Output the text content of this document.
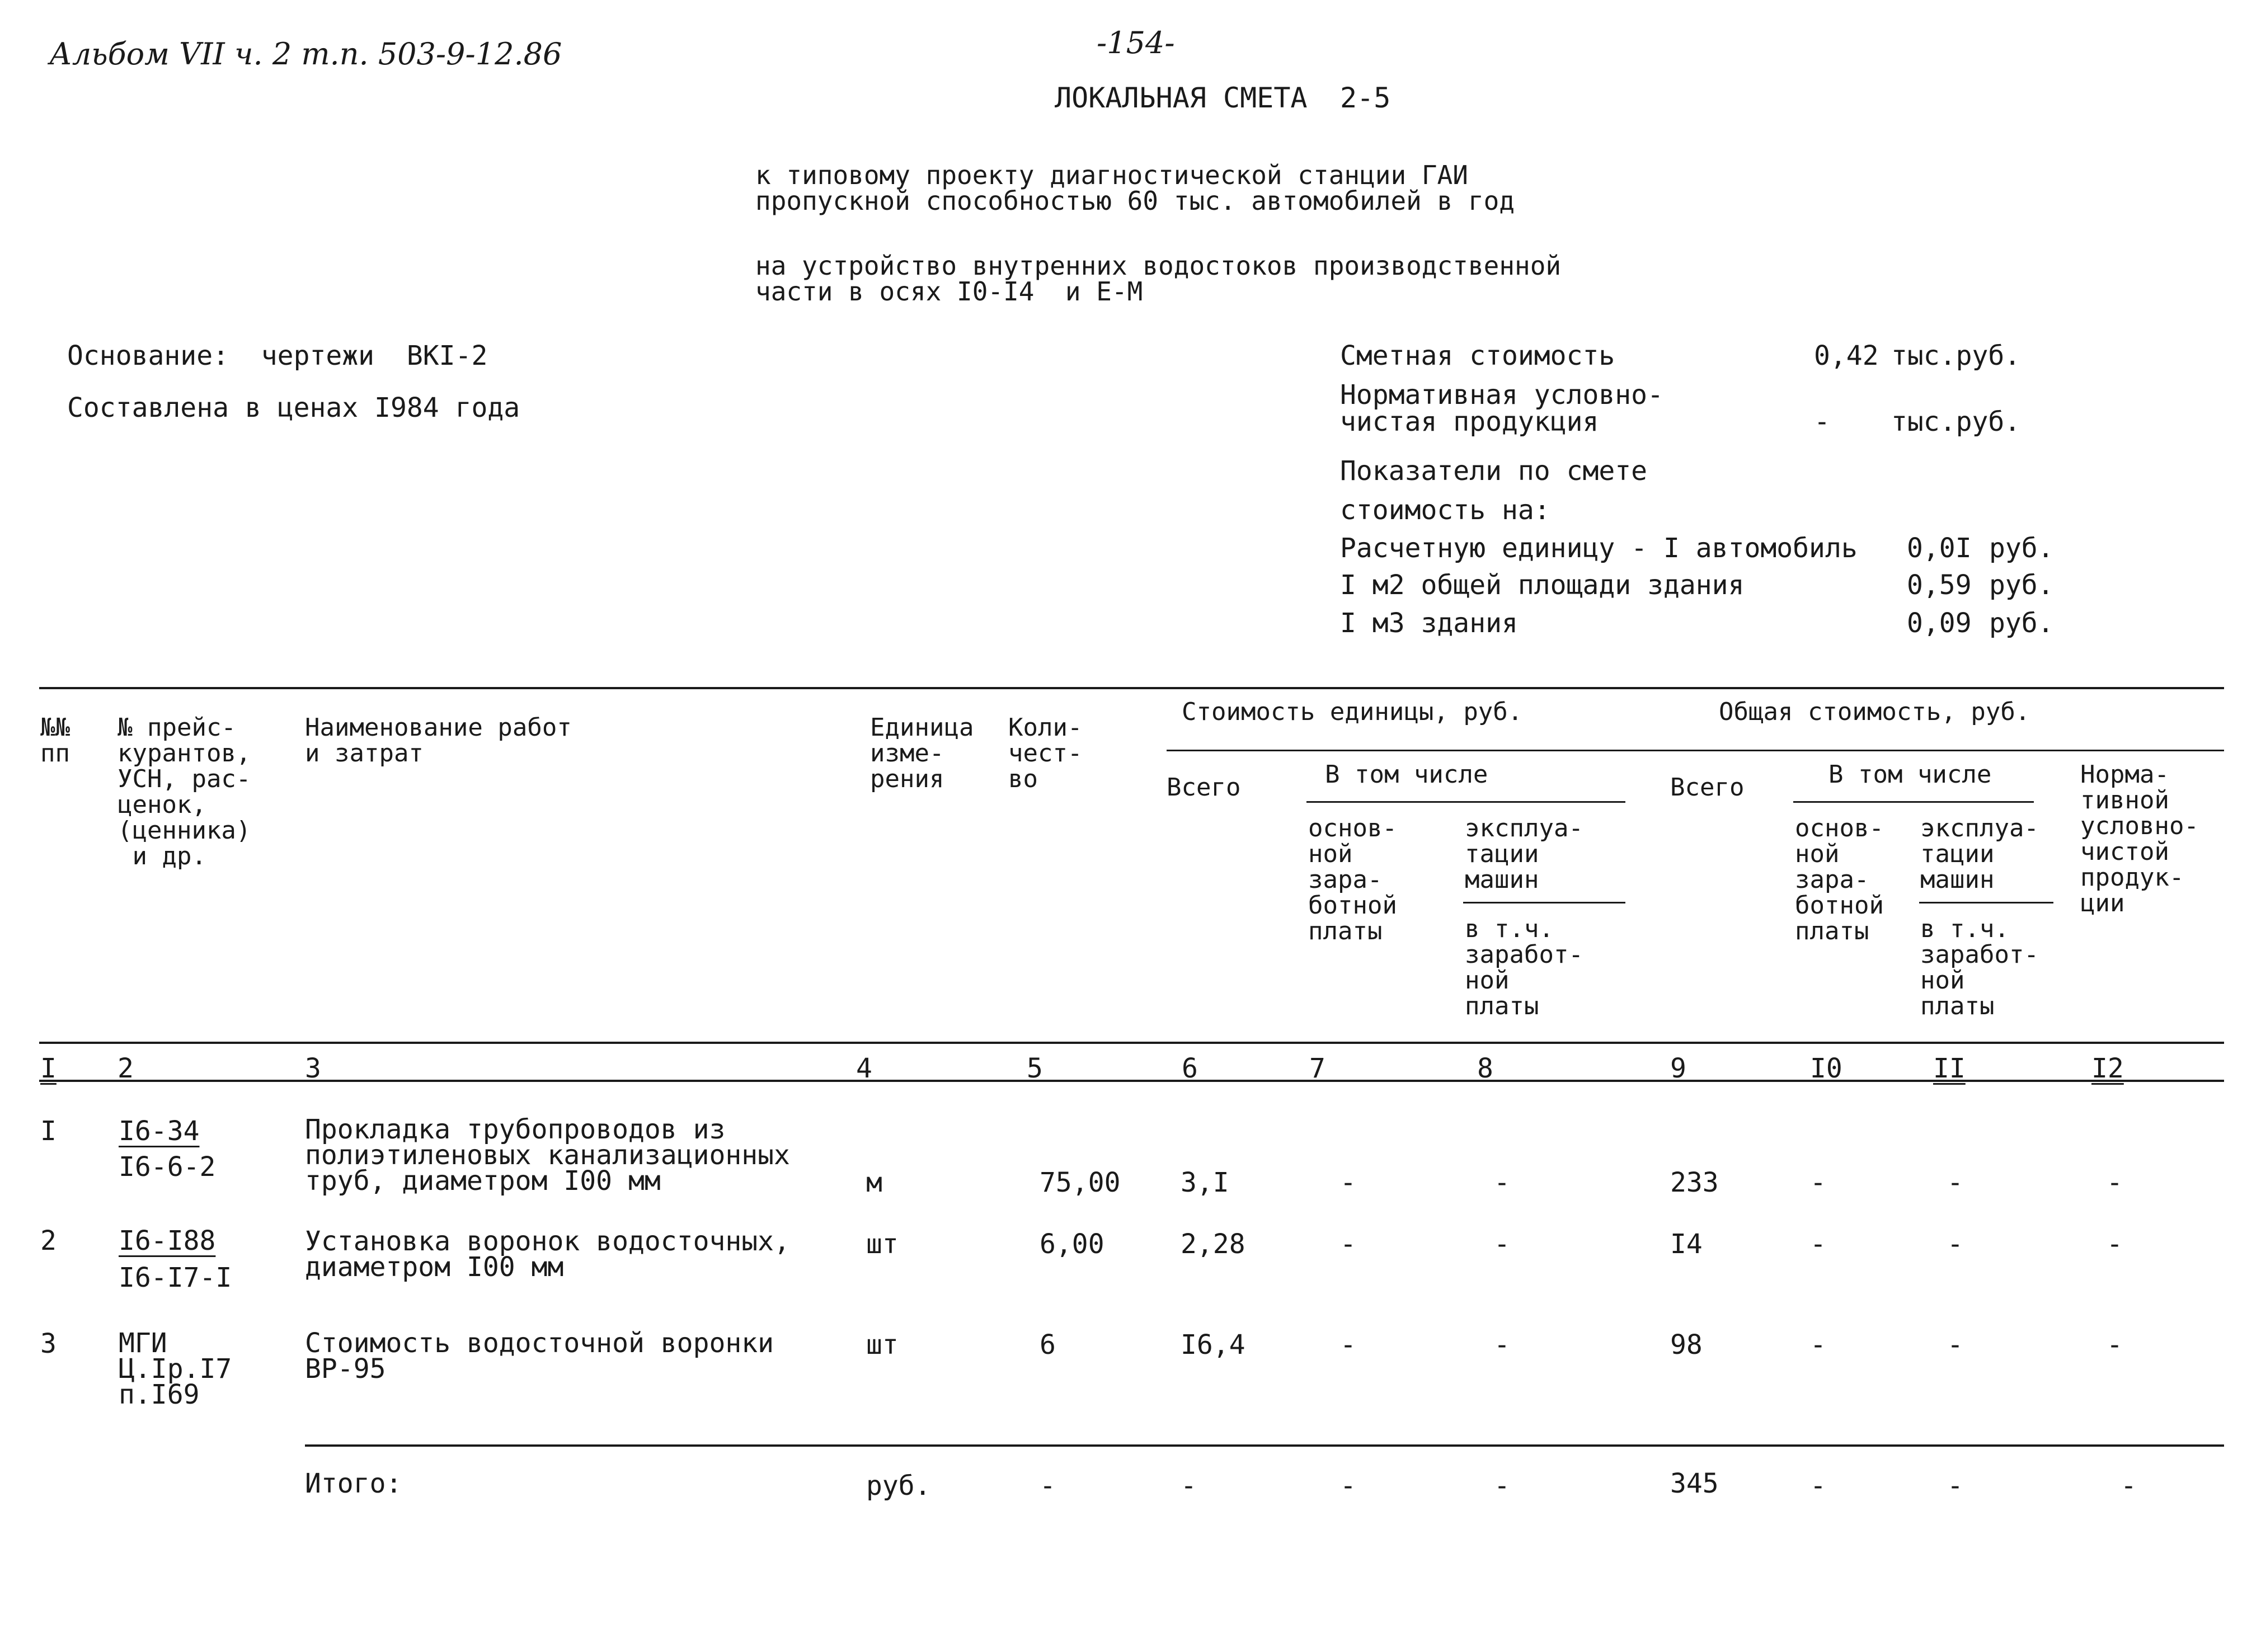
Альбом VII ч. 2 т.п. 503-9-12.86	-154-
ЛОКАЛЬНАЯ СМЕТА 2-5
к типовому проекту диагностической станции ГАИ
пропускной способностью 60 тыс. автомобилей в год
на устройство внутренних водостоков производственной
части в осях I0-I4  и Е-М
Основание:  чертежи  ВКI-2
Составлена в ценах I984 года
Сметная стоимость	0,42 тыс.руб.
Нормативная условно-
чистая продукция	- тыс.руб.
Показатели по смете
стоимость на:
Расчетную единицу - I автомобиль 0,0I руб.
I м2 общей площади здания	0,59 руб.
I м3 здания	0,09 руб.
№№
пп
№ прейс-
курантов,
УСН, рас-
ценок,
(ценника)
и др.
Наименование работ
и затрат
Единица
изме-
рения
Коли-
чест-
во
Стоимость единицы, руб.	Общая стоимость, руб.
Всего	В том числе
основ-
ной
зара-
ботной
платы
эксплуа-
тации
машин
в т.ч.
заработ-
ной
платы
Всего	В том числе
основ-
ной
зара-
ботной
платы
эксплуа-
тации
машин
в т.ч.
заработ-
ной
платы
Норма-
тивной
условно-
чистой
продук-
ции
I 2	3	4	5	6	7	8	9	I0	II	I2
I I6-34
I6-6-2
Прокладка трубопроводов из
полиэтиленовых канализационных
труб, диаметром I00 мм	м	75,00 3,I	-	-	233	-	-	-
2 I6-I88
I6-I7-I
Установка воронок водосточных,
диаметром I00 мм
шт	6,00	2,28	-	-	I4	-	-	-
3 МГИ
Ц.Iр.I7
п.I69
Стоимость водосточной воронки
ВР-95
шт	6	I6,4	-	-	98	-	-	-
Итого:	руб.	-	-	-	-	345	-	-	-
